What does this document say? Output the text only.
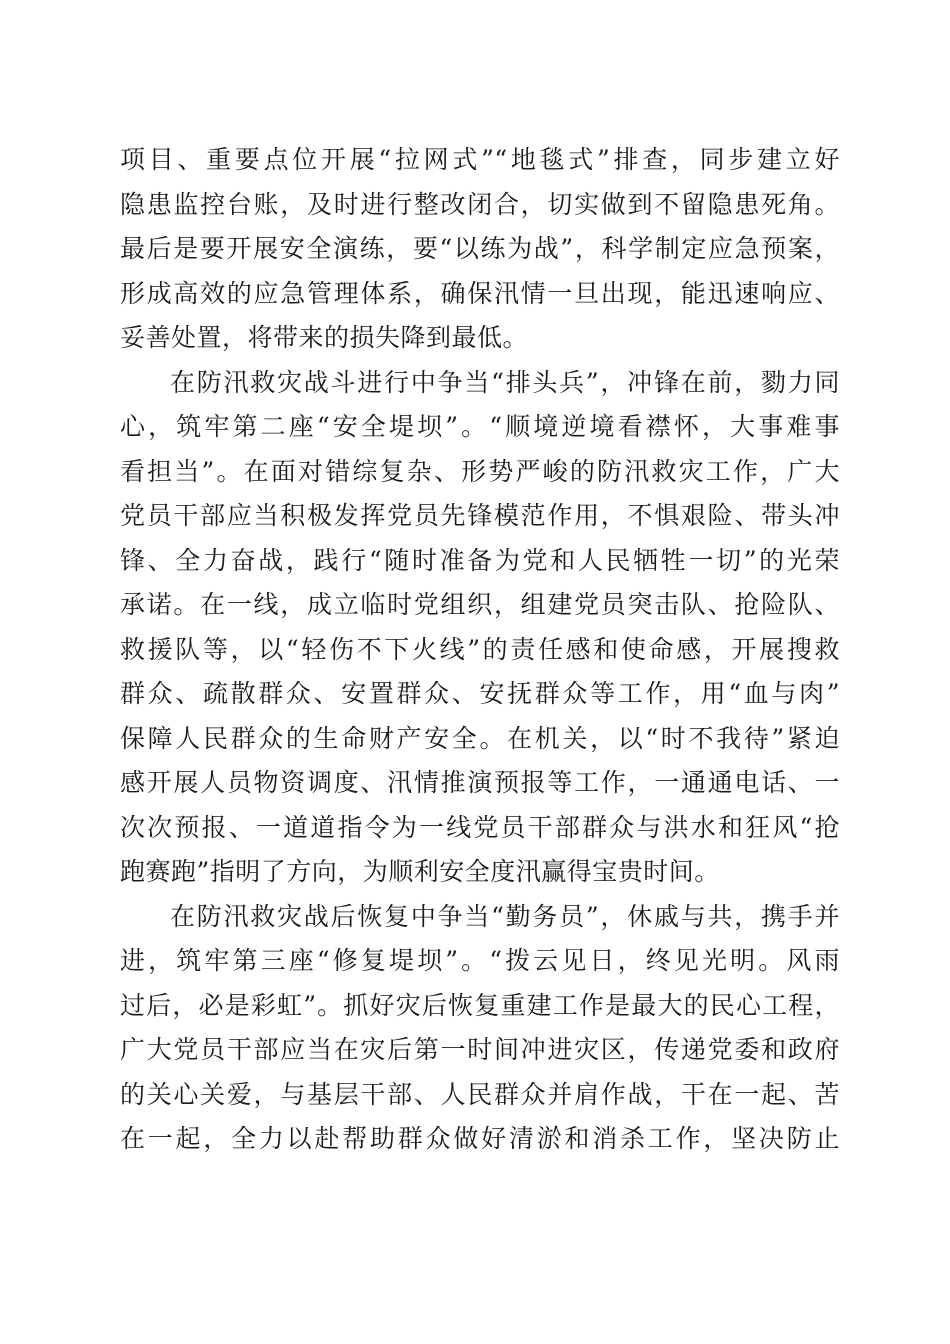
项目、重要点位开展“拉网式”“地毯式”排查，同步建立好
隐患监控台账，及时进行整改闭合，切实做到不留隐患死角。
最后是要开展安全演练，要“以练为战”，科学制定应急预案，
形成高效的应急管理体系，确保汛情一旦出现，能迅速响应、
妥善处置，将带来的损失降到最低。
在防汛救灾战斗进行中争当“排头兵”，冲锋在前，勠力同
心，筑牢第二座“安全堤坝”。“顺境逆境看襟怀，大事难事
看担当”。在面对错综复杂、形势严峻的防汛救灾工作，广大
党员干部应当积极发挥党员先锋模范作用，不惧艰险、带头冲
锋、全力奋战，践行“随时准备为党和人民牺牲一切”的光荣
承诺。在一线，成立临时党组织，组建党员突击队、抢险队、
救援队等，以“轻伤不下火线”的责任感和使命感，开展搜救
群众、疏散群众、安置群众、安抚群众等工作，用“血与肉”
保障人民群众的生命财产安全。在机关，以“时不我待”紧迫
感开展人员物资调度、汛情推演预报等工作，一通通电话、一
次次预报、一道道指令为一线党员干部群众与洪水和狂风“抢
跑赛跑”指明了方向，为顺利安全度汛赢得宝贵时间。
在防汛救灾战后恢复中争当“勤务员”，休戚与共，携手并
进，筑牢第三座“修复堤坝”。“拨云见日，终见光明。风雨
过后，必是彩虹”。抓好灾后恢复重建工作是最大的民心工程，
广大党员干部应当在灾后第一时间冲进灾区，传递党委和政府
的关心关爱，与基层干部、人民群众并肩作战，干在一起、苦
在一起，全力以赴帮助群众做好清淤和消杀工作，坚决防止
